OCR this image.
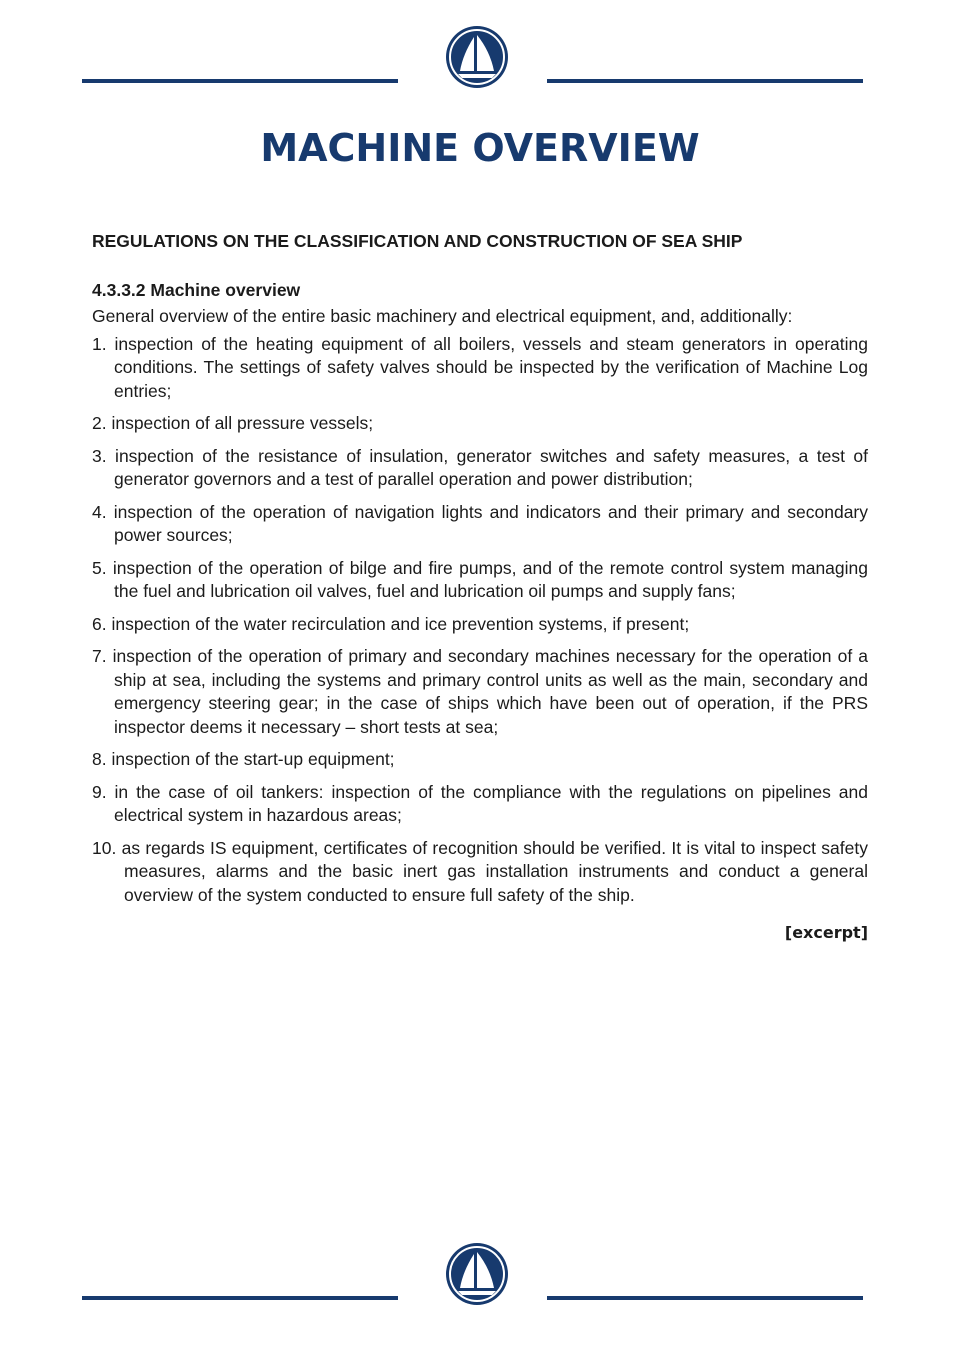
MACHINE OVERVIEW

REGULATIONS ON THE CLASSIFICATION AND CONSTRUCTION OF SEA SHIP

4.3.3.2 Machine overview

General overview of the entire basic machinery and electrical equipment, and, additionally:

1. inspection of the heating equipment of all boilers, vessels and steam generators in operating conditions. The settings of safety valves should be inspected by the verification of Machine Log entries;
2. inspection of all pressure vessels;
3. inspection of the resistance of insulation, generator switches and safety measures, a test of generator governors and a test of parallel operation and power distribution;
4. inspection of the operation of navigation lights and indicators and their primary and secondary power sources;
5. inspection of the operation of bilge and fire pumps, and of the remote control system managing the fuel and lubrication oil valves, fuel and lubrication oil pumps and supply fans;
6. inspection of the water recirculation and ice prevention systems, if present;
7. inspection of the operation of primary and secondary machines necessary for the operation of a ship at sea, including the systems and primary control units as well as the main, secondary and emergency steering gear; in the case of ships which have been out of operation, if the PRS inspector deems it necessary – short tests at sea;
8. inspection of the start-up equipment;
9. in the case of oil tankers: inspection of the compliance with the regulations on pipelines and electrical system in hazardous areas;
10. as regards IS equipment, certificates of recognition should be verified. It is vital to inspect safety measures, alarms and the basic inert gas installation instruments and conduct a general overview of the system conducted to ensure full safety of the ship.
[excerpt]
